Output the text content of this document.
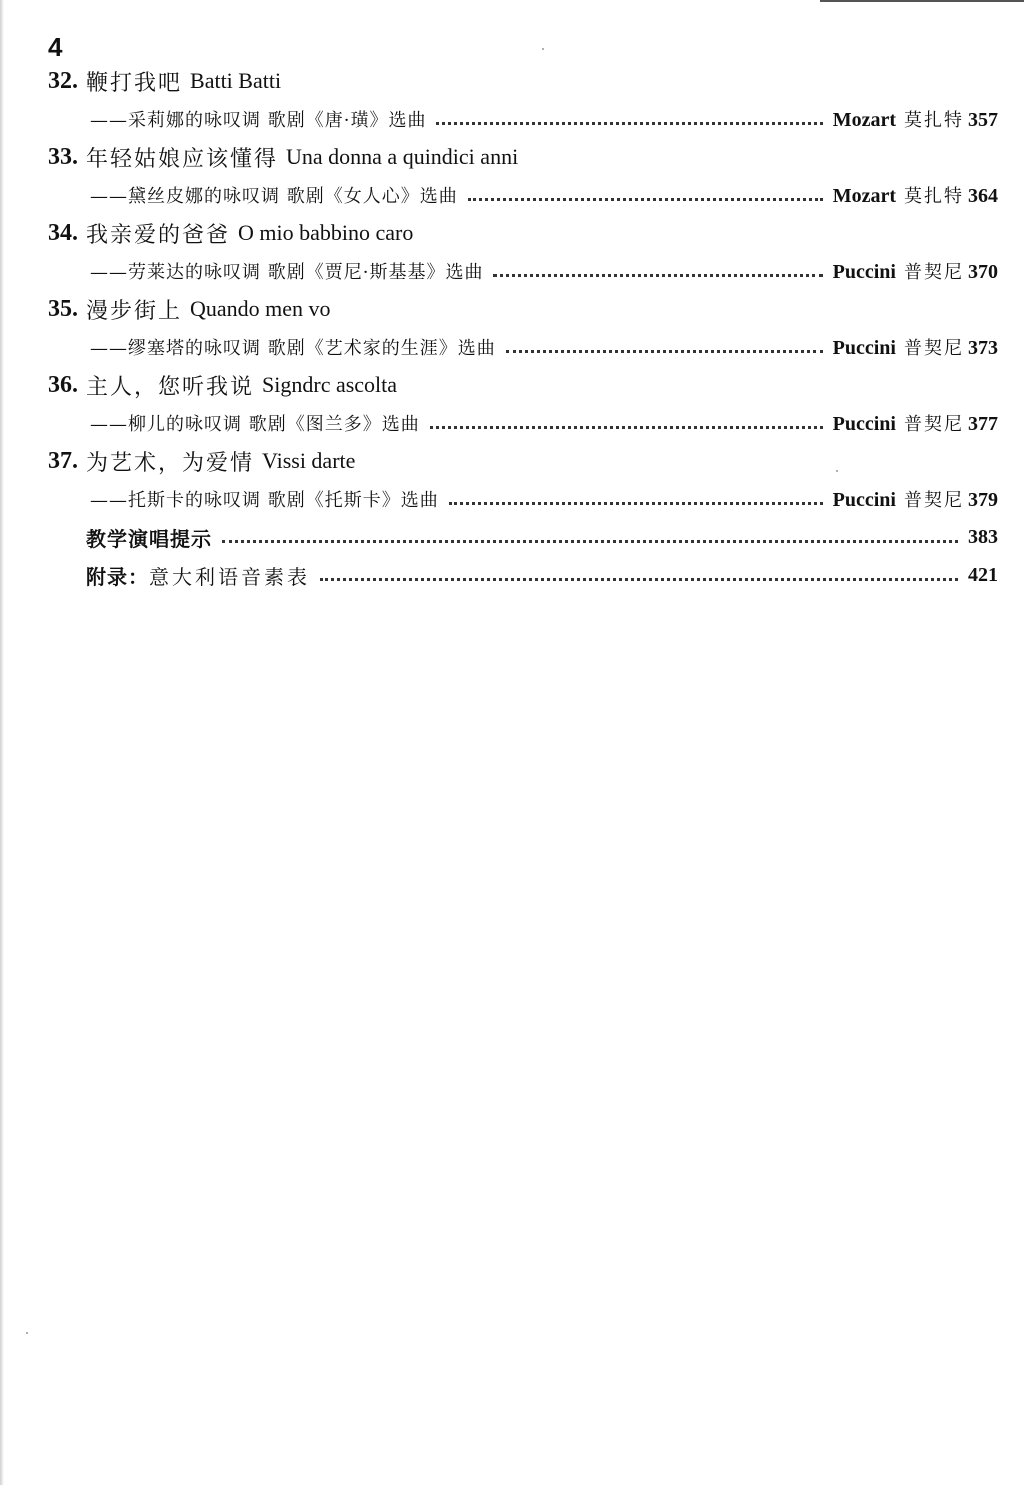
4
32. 鞭打我吧 Batti Batti
——采莉娜的咏叹调 歌剧《唐·璜》选曲	Mozart 莫扎特 357
33. 年轻姑娘应该懂得 Una donna a quindici anni
——黛丝皮娜的咏叹调 歌剧《女人心》选曲	Mozart 莫扎特 364
34. 我亲爱的爸爸 O mio babbino caro
——劳莱达的咏叹调 歌剧《贾尼·斯基基》选曲	Puccini 普契尼 370
35. 漫步街上 Quando men vo
——缪塞塔的咏叹调 歌剧《艺术家的生涯》选曲	Puccini 普契尼 373
36. 主人，您听我说 Signdrc ascolta
——柳儿的咏叹调 歌剧《图兰多》选曲	Puccini 普契尼 377
37. 为艺术，为爱情 Vissi darte
——托斯卡的咏叹调 歌剧《托斯卡》选曲	Puccini 普契尼 379
教学演唱提示	383
附录： 意大利语音素表	421
